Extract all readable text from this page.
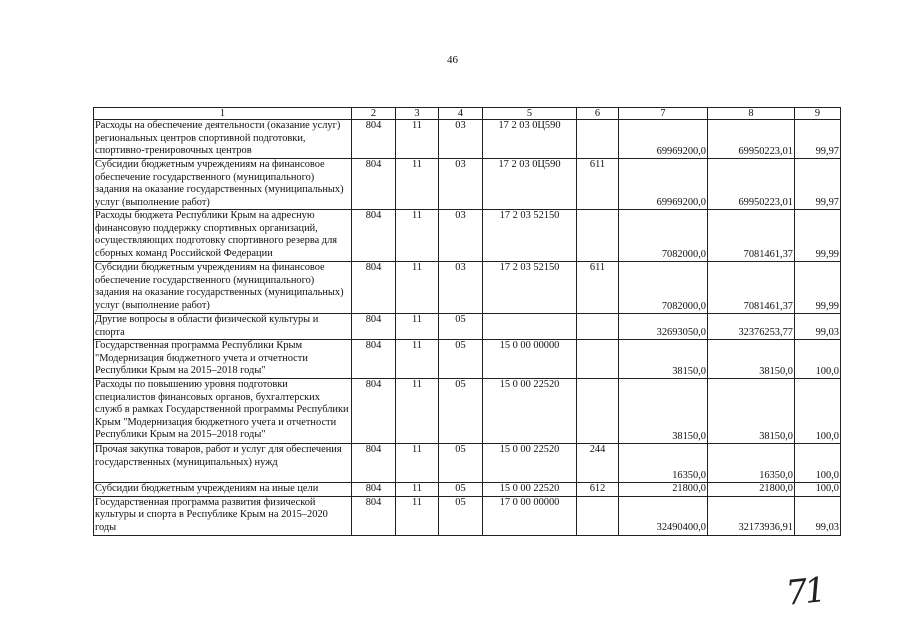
46
1	2	3	4	5	6	7	8	9
Расходы на обеспечение деятельности (оказание услуг) региональных центров спортивной подготовки, спортивно-тренировочных центров	804	11	03	17 2 03 0Ц590		69969200,0	69950223,01	99,97
Субсидии бюджетным учреждениям на финансовое обеспечение государственного (муниципального) задания на оказание государственных (муниципальных) услуг (выполнение работ)	804	11	03	17 2 03 0Ц590	611	69969200,0	69950223,01	99,97
Расходы бюджета Республики Крым на адресную финансовую поддержку спортивных организаций, осуществляющих подготовку спортивного резерва для сборных команд Российской Федерации	804	11	03	17 2 03 52150		7082000,0	7081461,37	99,99
Субсидии бюджетным учреждениям на финансовое обеспечение государственного (муниципального) задания на оказание государственных (муниципальных) услуг (выполнение работ)	804	11	03	17 2 03 52150	611	7082000,0	7081461,37	99,99
Другие вопросы в области физической культуры и спорта	804	11	05			32693050,0	32376253,77	99,03
Государственная программа Республики Крым "Модернизация бюджетного учета и отчетности Республики Крым на 2015–2018 годы"	804	11	05	15 0 00 00000		38150,0	38150,0	100,0
Расходы по повышению уровня подготовки специалистов финансовых органов, бухгалтерских служб в рамках Государственной программы Республики Крым "Модернизация бюджетного учета и отчетности Республики Крым на 2015–2018 годы"	804	11	05	15 0 00 22520		38150,0	38150,0	100,0
Прочая закупка товаров, работ и услуг для обеспечения государственных (муниципальных) нужд	804	11	05	15 0 00 22520	244	16350,0	16350,0	100,0
Субсидии бюджетным учреждениям на иные цели	804	11	05	15 0 00 22520	612	21800,0	21800,0	100,0
Государственная программа развития физической культуры и спорта в Республике Крым на 2015–2020 годы	804	11	05	17 0 00 00000		32490400,0	32173936,91	99,03
71
